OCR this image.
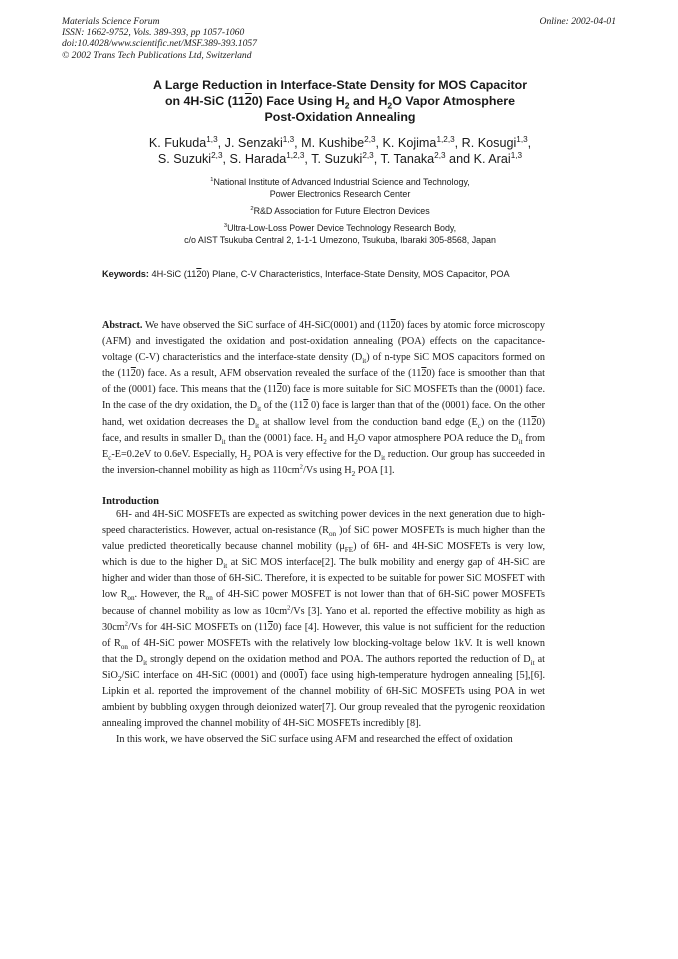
Materials Science Forum
ISSN: 1662-9752, Vols. 389-393, pp 1057-1060
doi:10.4028/www.scientific.net/MSF.389-393.1057
© 2002 Trans Tech Publications Ltd, Switzerland
Online: 2002-04-01
A Large Reduction in Interface-State Density for MOS Capacitor
on 4H-SiC (1120) Face Using $H_2$ and $H_2O$ Vapor Atmosphere
Post-Oxidation Annealing
K. Fukuda$^{1,3}$, J. Senzaki$^{1,3}$, M. Kushibe$^{2,3}$, K. Kojima$^{1,2,3}$, R. Kosugi$^{1,3}$,
S. Suzuki$^{2,3}$, S. Harada$^{1,2,3}$, T. Suzuki$^{2,3}$, T. Tanaka$^{2,3}$ and K. Arai$^{1,3}$
$^1$National Institute of Advanced Industrial Science and Technology,
Power Electronics Research Center
$^2$R&D Association for Future Electron Devices
$^3$Ultra-Low-Loss Power Device Technology Research Body,
c/o AIST Tsukuba Central 2, 1-1-1 Umezono, Tsukuba, Ibaraki 305-8568, Japan
Keywords: 4H-SiC (1120) Plane, C-V Characteristics, Interface-State Density, MOS Capacitor, POA
Abstract. We have observed the SiC surface of 4H-SiC(0001) and (1120) faces by atomic force microscopy (AFM) and investigated the oxidation and post-oxidation annealing (POA) effects on the capacitance-voltage (C-V) characteristics and the interface-state density $(D_{it})$ of n-type SiC MOS capacitors formed on the (1120) face. As a result, AFM observation revealed the surface of the (1120) face is smoother than that of the (0001) face. This means that the (1120) face is more suitable for SiC MOSFETs than the (0001) face. In the case of the dry oxidation, the $D_{it}$ of the (112 0) face is larger than that of the (0001) face. On the other hand, wet oxidation decreases the $D_{it}$ at shallow level from the conduction band edge $(E_c)$ on the (1120) face, and results in smaller $D_{it}$ than the (0001) face. $H_2$ and $H_2O$ vapor atmosphere POA reduce the $D_{it}$ from $E_c-E=0.2eV$ to 0.6eV. Especially, $H_2$ POA is very effective for the $D_{it}$ reduction. Our group has succeeded in the inversion-channel mobility as high as $110cm^2/Vs$ using $H_2$ POA [1].
Introduction

6H- and 4H-SiC MOSFETs are expected as switching power devices in the next generation due to high-speed characteristics. However, actual on-resistance ($R_{on}$ )of SiC power MOSFETs is much higher than the value predicted theoretically because channel mobility $(\mu_{FE})$ of 6H- and 4H-SiC MOSFETs is very low, which is due to the higher $D_{it}$ at SiC MOS interface[2]. The bulk mobility and energy gap of 4H-SiC are higher and wider than those of 6H-SiC. Therefore, it is expected to be suitable for power SiC MOSFET with low $R_{on}$. However, the $R_{on}$ of 4H-SiC power MOSFET is not lower than that of 6H-SiC power MOSFETs because of channel mobility as low as $10cm^2/Vs$ [3]. Yano et al. reported the effective mobility as high as $30cm^2/Vs$ for 4H-SiC MOSFETs on (1120) face [4]. However, this value is not sufficient for the reduction of $R_{on}$ of 4H-SiC power MOSFETs with the relatively low blocking-voltage below 1kV. It is well known that the $D_{it}$ strongly depend on the oxidation method and POA. The authors reported the reduction of $D_{it}$ at SiO$_2$/SiC interface on 4H-SiC (0001) and (0001) face using high-temperature hydrogen annealing [5],[6]. Lipkin et al. reported the improvement of the channel mobility of 6H-SiC MOSFETs using POA in wet ambient by bubbling oxygen through deionized water[7]. Our group revealed that the pyrogenic reoxidation annealing improved the channel mobility of 4H-SiC MOSFETs incredibly [8].

In this work, we have observed the SiC surface using AFM and researched the effect of oxidation
